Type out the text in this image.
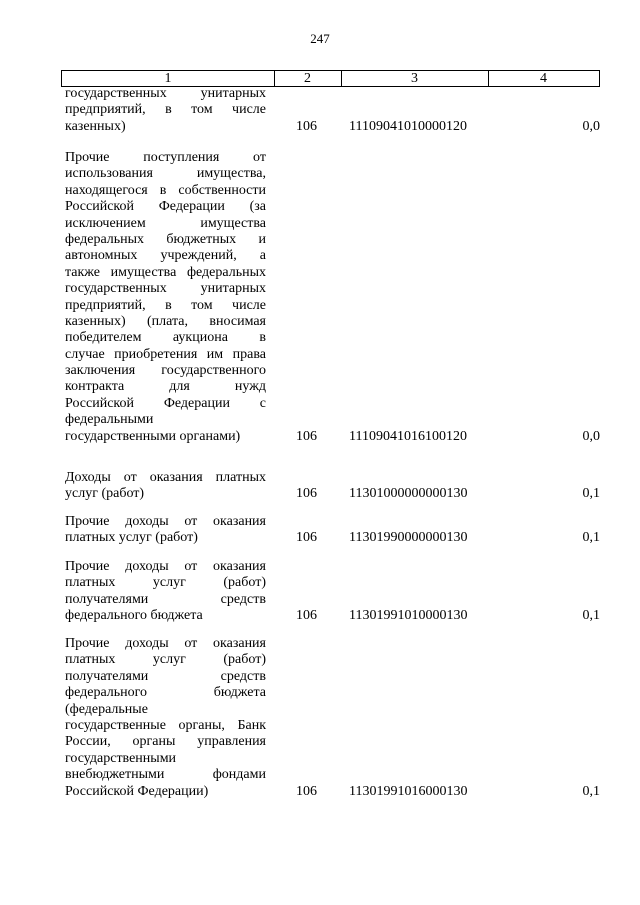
247
1	2	3	4
государственных унитарных
предприятий, в том числе
казенных)	106 11109041010000120	0,0
Прочие поступления от
использования имущества,
находящегося в собственности
Российской Федерации (за
исключением имущества
федеральных бюджетных и
автономных учреждений, а
также имущества федеральных
государственных унитарных
предприятий, в том числе
казенных) (плата, вносимая
победителем аукциона в
случае приобретения им права
заключения государственного
контракта для нужд
Российской Федерации с
федеральными
государственными органами)	106 11109041016100120	0,0
Доходы от оказания платных
услуг (работ)	106 11301000000000130	0,1
Прочие доходы от оказания
платных услуг (работ)	106 11301990000000130	0,1
Прочие доходы от оказания
платных услуг (работ)
получателями средств
федерального бюджета	106 11301991010000130	0,1
Прочие доходы от оказания
платных услуг (работ)
получателями средств
федерального бюджета
(федеральные
государственные органы, Банк
России, органы управления
государственными
внебюджетными фондами
Российской Федерации)	106 11301991016000130	0,1
